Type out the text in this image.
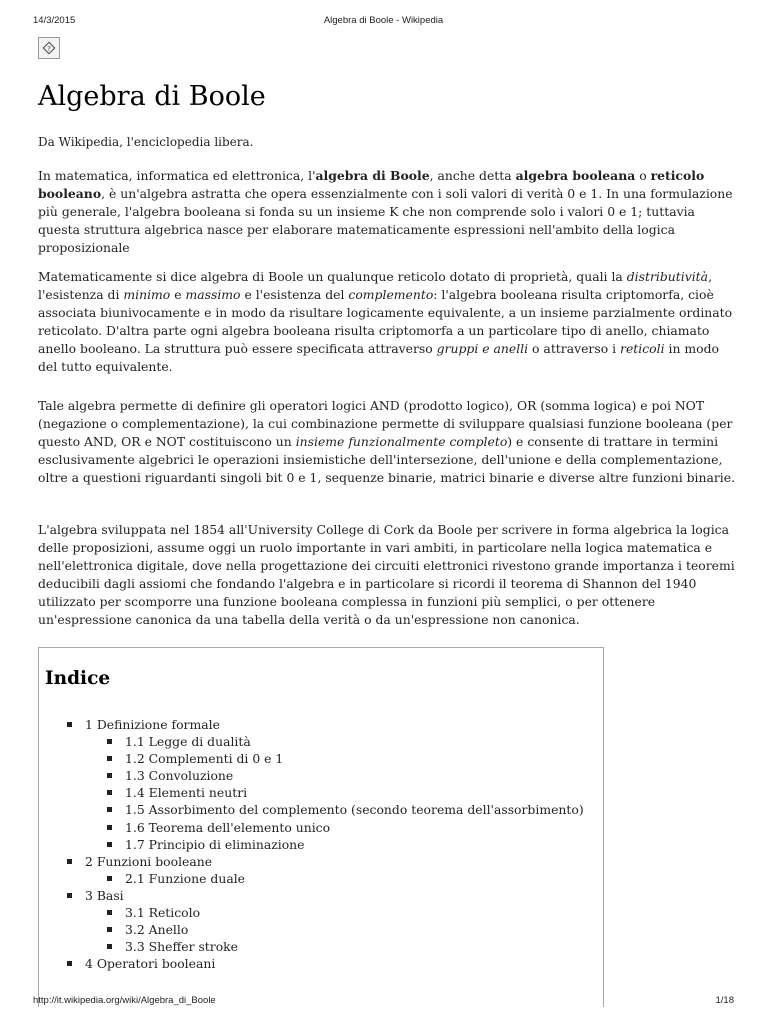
14/3/2015	Algebra di Boole - Wikipedia
?
Algebra di Boole

Da Wikipedia, l'enciclopedia libera.

In matematica, informatica ed elettronica, l'algebra di Boole, anche detta algebra booleana o reticolo booleano, è un'algebra astratta che opera essenzialmente con i soli valori di verità 0 e 1. In una formulazione più generale, l'algebra booleana si fonda su un insieme K che non comprende solo i valori 0 e 1; tuttavia questa struttura algebrica nasce per elaborare matematicamente espressioni nell'ambito della logica proposizionale

Matematicamente si dice algebra di Boole un qualunque reticolo dotato di proprietà, quali la distributività, l'esistenza di minimo e massimo e l'esistenza del complemento: l'algebra booleana risulta criptomorfa, cioè associata biunivocamente e in modo da risultare logicamente equivalente, a un insieme parzialmente ordinato reticolato. D'altra parte ogni algebra booleana risulta criptomorfa a un particolare tipo di anello, chiamato anello booleano. La struttura può essere specificata attraverso gruppi e anelli o attraverso i reticoli in modo del tutto equivalente.

Tale algebra permette di definire gli operatori logici AND (prodotto logico), OR (somma logica) e poi NOT (negazione o complementazione), la cui combinazione permette di sviluppare qualsiasi funzione booleana (per questo AND, OR e NOT costituiscono un insieme funzionalmente completo) e consente di trattare in termini esclusivamente algebrici le operazioni insiemistiche dell'intersezione, dell'unione e della complementazione, oltre a questioni riguardanti singoli bit 0 e 1, sequenze binarie, matrici binarie e diverse altre funzioni binarie.

L'algebra sviluppata nel 1854 all'University College di Cork da Boole per scrivere in forma algebrica la logica delle proposizioni, assume oggi un ruolo importante in vari ambiti, in particolare nella logica matematica e nell'elettronica digitale, dove nella progettazione dei circuiti elettronici rivestono grande importanza i teoremi deducibili dagli assiomi che fondando l'algebra e in particolare si ricordi il teorema di Shannon del 1940 utilizzato per scomporre una funzione booleana complessa in funzioni più semplici, o per ottenere un'espressione canonica da una tabella della verità o da un'espressione non canonica.

Indice
1 Definizione formale
1.1 Legge di dualità
1.2 Complementi di 0 e 1
1.3 Convoluzione
1.4 Elementi neutri
1.5 Assorbimento del complemento (secondo teorema dell'assorbimento)
1.6 Teorema dell'elemento unico
1.7 Principio di eliminazione
2 Funzioni booleane
2.1 Funzione duale
3 Basi
3.1 Reticolo
3.2 Anello
3.3 Sheffer stroke
4 Operatori booleani
http://it.wikipedia.org/wiki/Algebra_di_Boole	1/18
